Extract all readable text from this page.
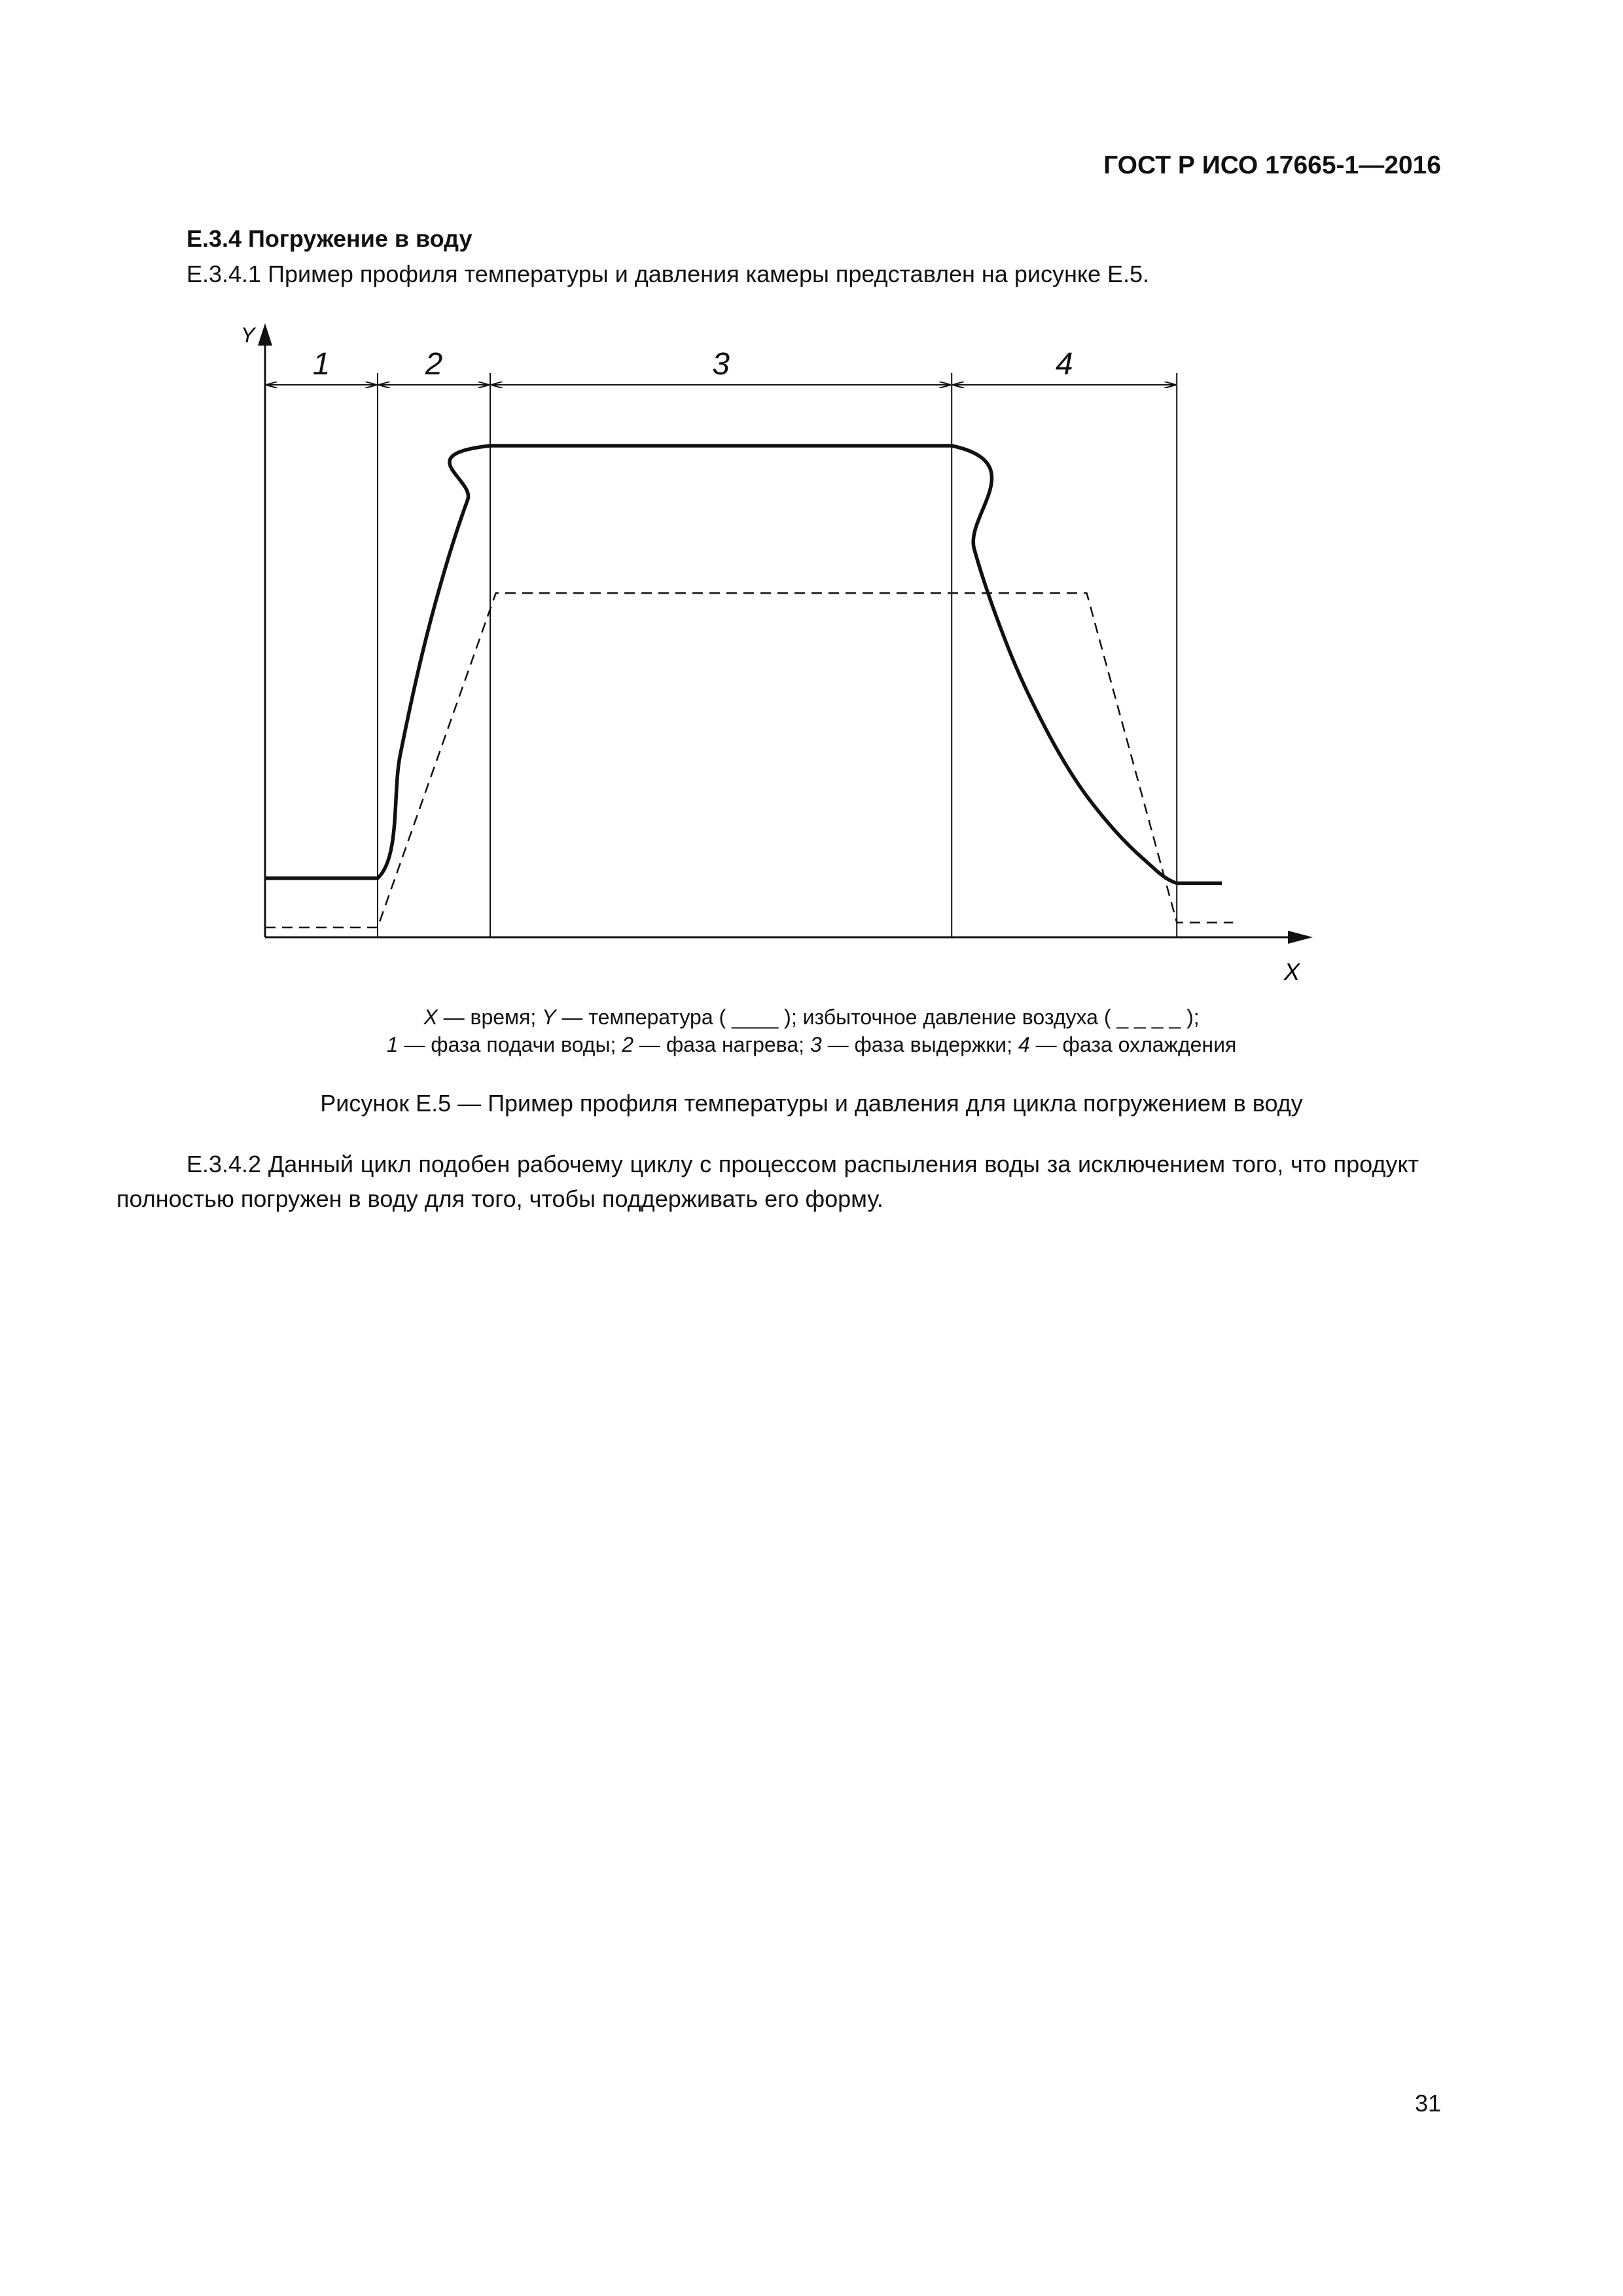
ГОСТ Р ИСО 17665-1—2016
Е.3.4 Погружение в воду
Е.3.4.1 Пример профиля температуры и давления камеры представлен на рисунке Е.5.
1	2	3	4
Y
X
X — время; Y — температура ( ____ ); избыточное давление воздуха ( _ _ _ _ );
1 — фаза подачи воды; 2 — фаза нагрева; 3 — фаза выдержки; 4 — фаза охлаждения
Рисунок Е.5 — Пример профиля температуры и давления для цикла погружением в воду
Е.3.4.2 Данный цикл подобен рабочему циклу с процессом распыления воды за исключением того, что продукт полностью погружен в воду для того, чтобы поддерживать его форму.
31
